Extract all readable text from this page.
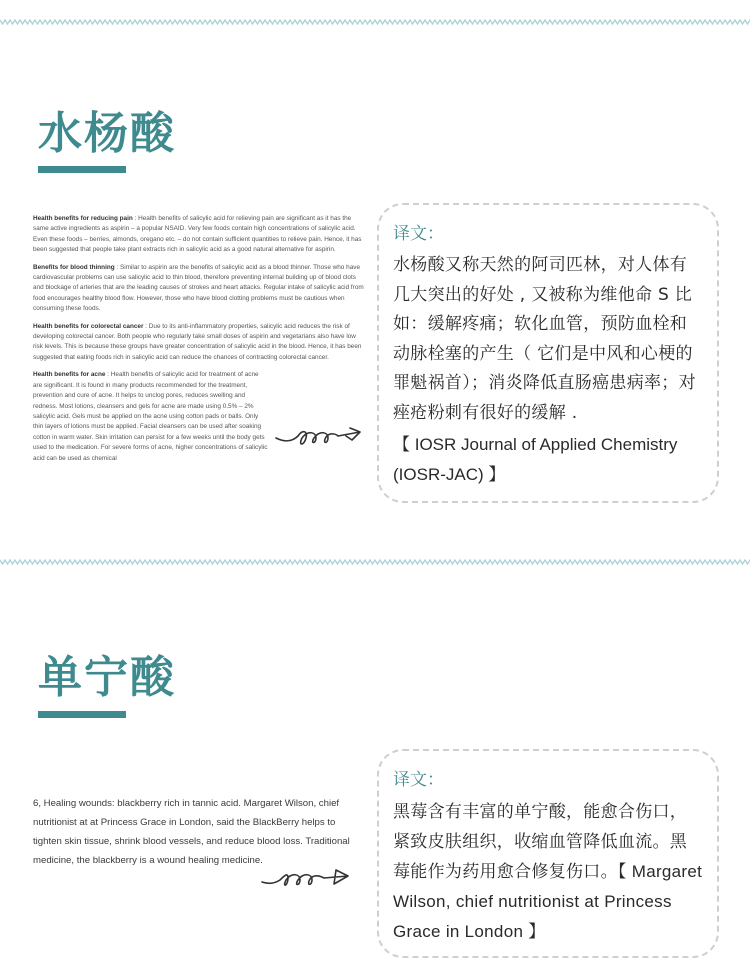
水杨酸

Health benefits for reducing pain : Health benefits of salicylic acid for relieving pain are significant as it has the same active ingredients as aspirin – a popular NSAID. Very few foods contain high concentrations of salicylic acid. Even these foods – berries, almonds, oregano etc. – do not contain sufficient quantities to relieve pain. Hence, it has been suggested that people take plant extracts rich in salicylic acid as a good natural alternative for aspirin.

Benefits for blood thinning : Similar to aspirin are the benefits of salicylic acid as a blood thinner. Those who have cardiovascular problems can use salicylic acid to thin blood, therefore preventing internal building up of blood clots and blockage of arteries that are the leading causes of strokes and heart attacks. Regular intake of salicylic acid from food encourages healthy blood flow. However, those who have blood clotting problems must be cautious when consuming these foods.

Health benefits for colorectal cancer : Due to its anti-inflammatory properties, salicylic acid reduces the risk of developing colorectal cancer. Both people who regularly take small doses of aspirin and vegetarians also have low risk levels. This is because these groups have greater concentration of salicylic acid in the blood. Hence, it has been suggested that eating foods rich in salicylic acid can reduce the chances of contracting colorectal cancer.

Health benefits for acne : Health benefits of salicylic acid for treatment of acne are significant. It is found in many products recommended for the treatment, prevention and cure of acne. It helps to unclog pores, reduces swelling and redness. Most lotions, cleansers and gels for acne are made using 0.5% – 2% salicylic acid. Gels must be applied on the acne using cotton pads or balls. Only thin layers of lotions must be applied. Facial cleansers can be used after soaking cotton in warm water. Skin irritation can persist for a few weeks until the body gets used to the medication. For severe forms of acne, higher concentrations of salicylic acid can be used as chemical

译文：
水杨酸又称天然的阿司匹林，对人体有几大突出的好处 , 又被称为维他命 S 比如：缓解疼痛；软化血管，预防血栓和动脉栓塞的产生（ 它们是中风和心梗的罪魁祸首）；消炎降低直肠癌患病率；对痤疮粉刺有很好的缓解 .
【 IOSR Journal of Applied Chemistry (IOSR-JAC) 】
单宁酸
6, Healing wounds: blackberry rich in tannic acid. Margaret Wilson, chief nutritionist at at Princess Grace in London, said the BlackBerry helps to tighten skin tissue, shrink blood vessels, and reduce blood loss. Traditional medicine, the blackberry is a wound healing medicine.
译文：
黑莓含有丰富的单宁酸，能愈合伤口，紧致皮肤组织，收缩血管降低血流。黑莓能作为药用愈合修复伤口。【 Margaret Wilson, chief nutritionist at Princess Grace in London 】
